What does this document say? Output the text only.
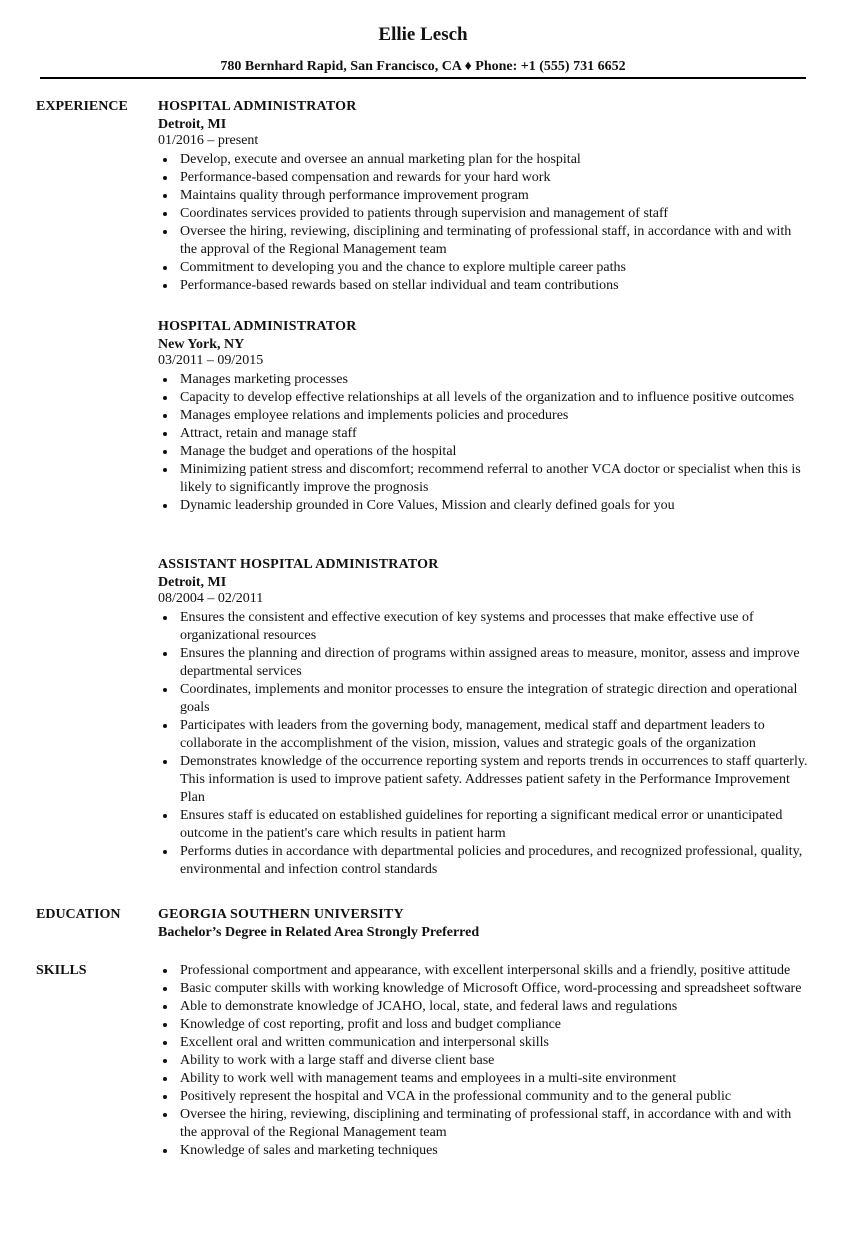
Ellie Lesch
780 Bernhard Rapid, San Francisco, CA ♦ Phone: +1 (555) 731 6652
EXPERIENCE HOSPITAL ADMINISTRATOR
Detroit, MI
01/2016 – present
Develop, execute and oversee an annual marketing plan for the hospital
Performance-based compensation and rewards for your hard work
Maintains quality through performance improvement program
Coordinates services provided to patients through supervision and management of staff
Oversee the hiring, reviewing, disciplining and terminating of professional staff, in accordance with and with the approval of the Regional Management team
Commitment to developing you and the chance to explore multiple career paths
Performance-based rewards based on stellar individual and team contributions
HOSPITAL ADMINISTRATOR
New York, NY
03/2011 – 09/2015
Manages marketing processes
Capacity to develop effective relationships at all levels of the organization and to influence positive outcomes
Manages employee relations and implements policies and procedures
Attract, retain and manage staff
Manage the budget and operations of the hospital
Minimizing patient stress and discomfort; recommend referral to another VCA doctor or specialist when this is likely to significantly improve the prognosis
Dynamic leadership grounded in Core Values, Mission and clearly defined goals for you
ASSISTANT HOSPITAL ADMINISTRATOR
Detroit, MI
08/2004 – 02/2011
Ensures the consistent and effective execution of key systems and processes that make effective use of organizational resources
Ensures the planning and direction of programs within assigned areas to measure, monitor, assess and improve departmental services
Coordinates, implements and monitor processes to ensure the integration of strategic direction and operational goals
Participates with leaders from the governing body, management, medical staff and department leaders to collaborate in the accomplishment of the vision, mission, values and strategic goals of the organization
Demonstrates knowledge of the occurrence reporting system and reports trends in occurrences to staff quarterly. This information is used to improve patient safety. Addresses patient safety in the Performance Improvement Plan
Ensures staff is educated on established guidelines for reporting a significant medical error or unanticipated outcome in the patient's care which results in patient harm
Performs duties in accordance with departmental policies and procedures, and recognized professional, quality, environmental and infection control standards
EDUCATION	GEORGIA SOUTHERN UNIVERSITY
Bachelor’s Degree in Related Area Strongly Preferred
SKILLS	Professional comportment and appearance, with excellent interpersonal skills and a friendly, positive attitude
Basic computer skills with working knowledge of Microsoft Office, word-processing and spreadsheet software
Able to demonstrate knowledge of JCAHO, local, state, and federal laws and regulations
Knowledge of cost reporting, profit and loss and budget compliance
Excellent oral and written communication and interpersonal skills
Ability to work with a large staff and diverse client base
Ability to work well with management teams and employees in a multi-site environment
Positively represent the hospital and VCA in the professional community and to the general public
Oversee the hiring, reviewing, disciplining and terminating of professional staff, in accordance with and with the approval of the Regional Management team
Knowledge of sales and marketing techniques
